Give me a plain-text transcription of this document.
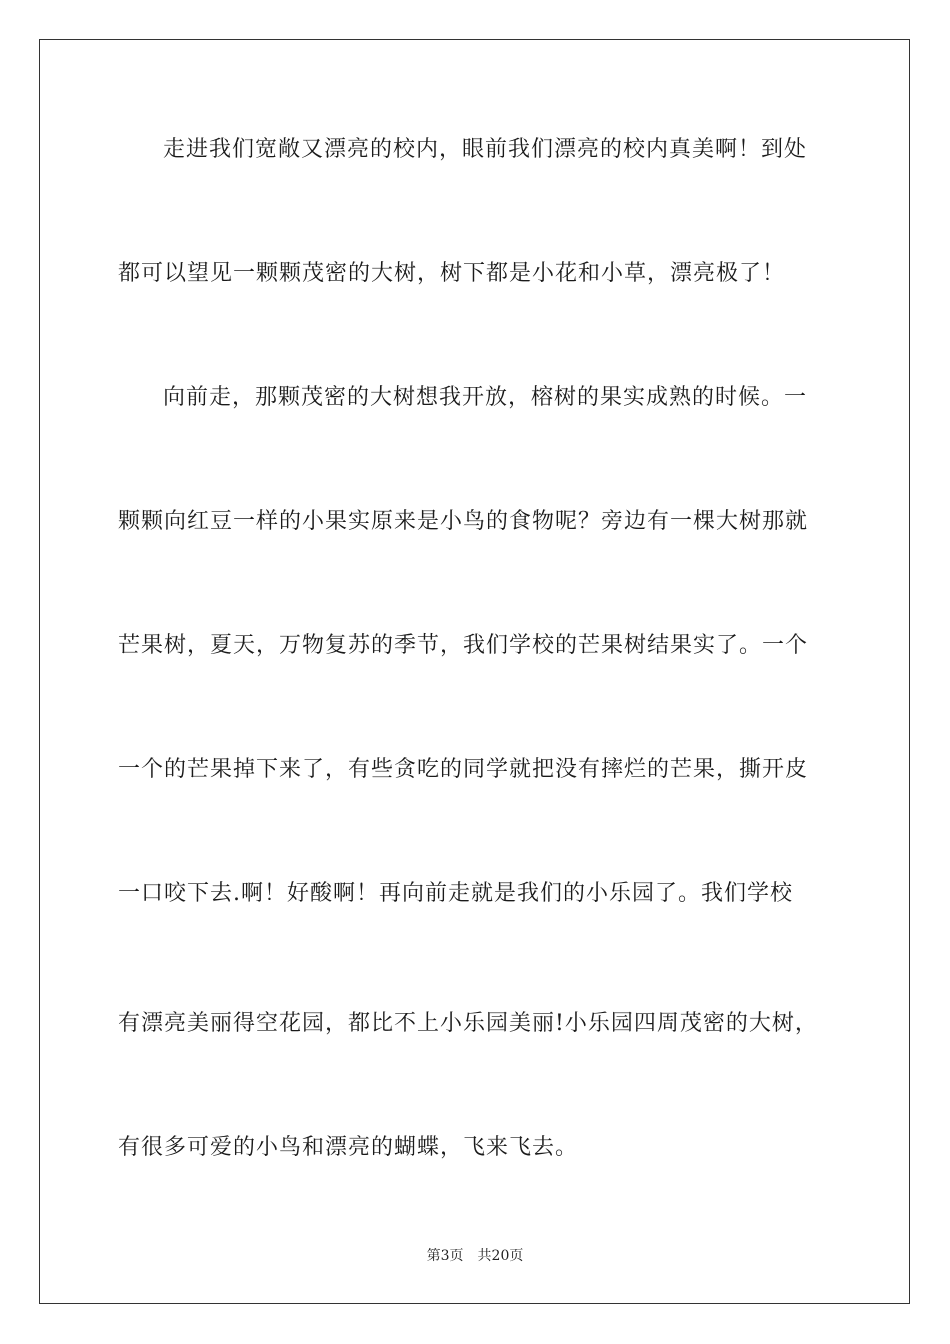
走进我们宽敞又漂亮的校内，眼前我们漂亮的校内真美啊！到处
都可以望见一颗颗茂密的大树，树下都是小花和小草，漂亮极了！
向前走，那颗茂密的大树想我开放，榕树的果实成熟的时候。一
颗颗向红豆一样的小果实原来是小鸟的食物呢？旁边有一棵大树那就
芒果树，夏天，万物复苏的季节，我们学校的芒果树结果实了。一个
一个的芒果掉下来了，有些贪吃的同学就把没有摔烂的芒果，撕开皮
一口咬下去.啊！好酸啊！再向前走就是我们的小乐园了。我们学校
有漂亮美丽得空花园，都比不上小乐园美丽!小乐园四周茂密的大树，
有很多可爱的小鸟和漂亮的蝴蝶，飞来飞去。
第3页 共20页
